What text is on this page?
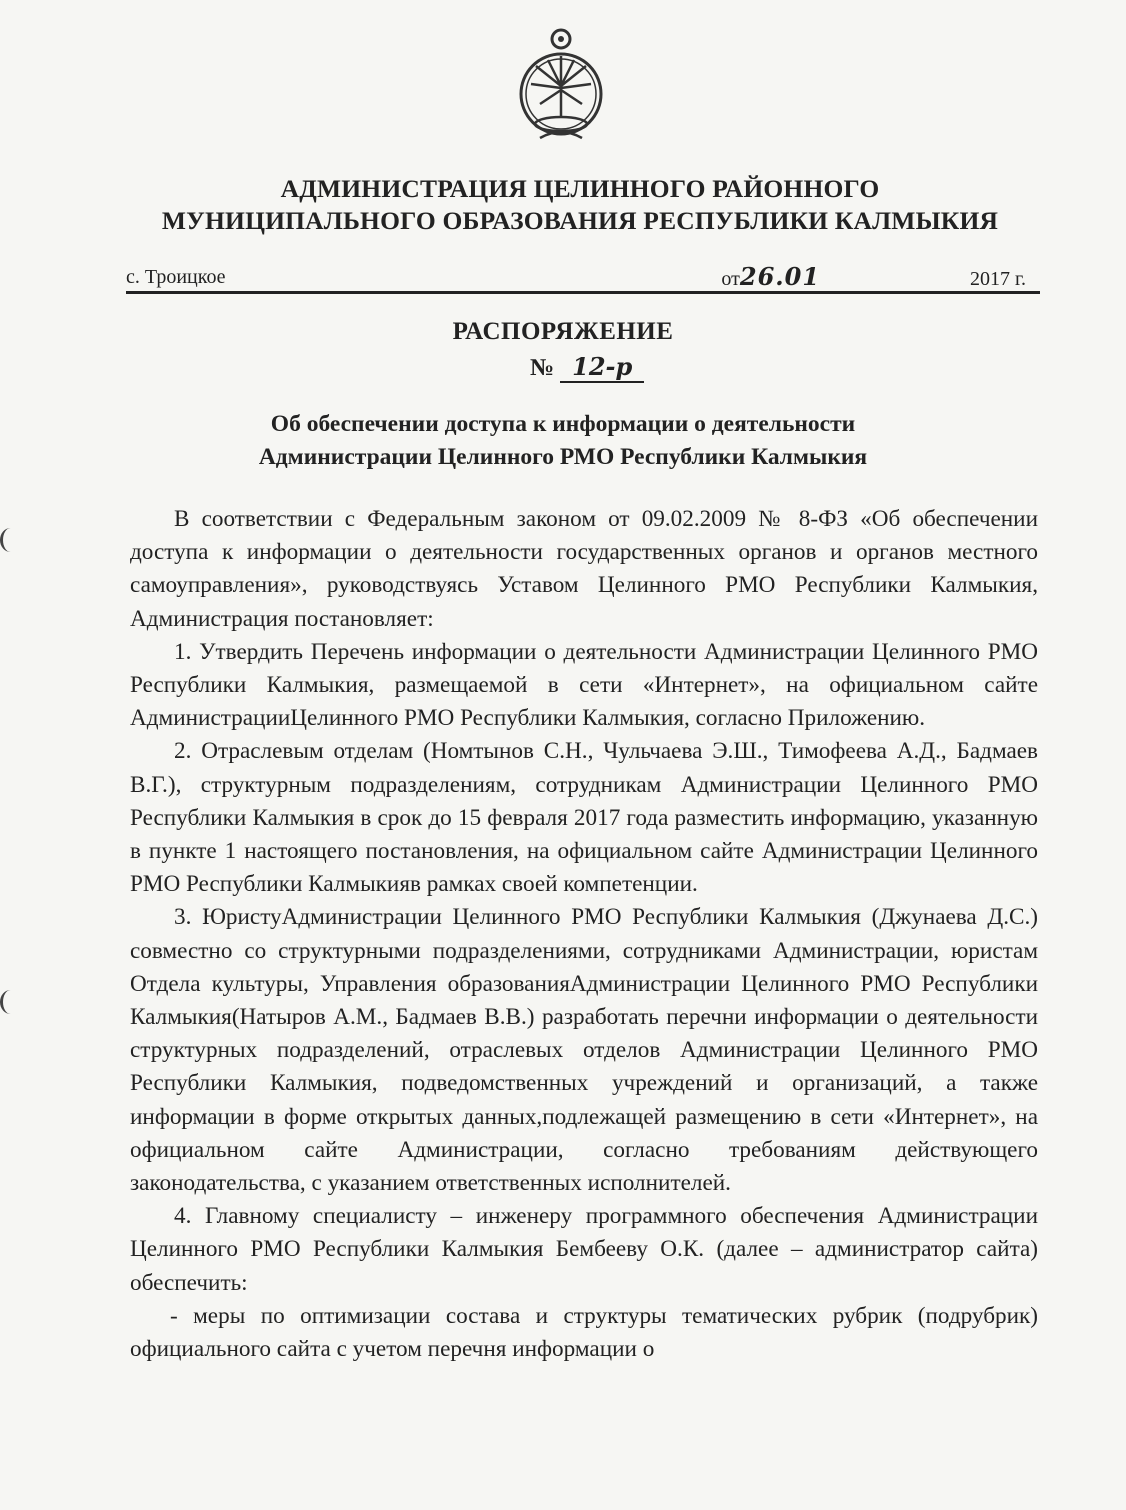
АДМИНИСТРАЦИЯ ЦЕЛИННОГО РАЙОННОГО
МУНИЦИПАЛЬНОГО ОБРАЗОВАНИЯ РЕСПУБЛИКИ КАЛМЫКИЯ
с. Троицкое	от26.01	2017 г.
РАСПОРЯЖЕНИЕ
№ 12-р
Об обеспечении доступа к информации о деятельности
Администрации Целинного РМО Республики Калмыкия

В соответствии с Федеральным законом от 09.02.2009 № 8-ФЗ «Об обеспечении доступа к информации о деятельности государственных органов и органов местного самоуправления», руководствуясь Уставом Целинного РМО Республики Калмыкия, Администрация постановляет:

1. Утвердить Перечень информации о деятельности Администрации Целинного РМО Республики Калмыкия, размещаемой в сети «Интернет», на официальном сайте АдминистрацииЦелинного РМО Республики Калмыкия, согласно Приложению.

2. Отраслевым отделам (Номтынов С.Н., Чульчаева Э.Ш., Тимофеева А.Д., Бадмаев В.Г.), структурным подразделениям, сотрудникам Администрации Целинного РМО Республики Калмыкия в срок до 15 февраля 2017 года разместить информацию, указанную в пункте 1 настоящего постановления, на официальном сайте Администрации Целинного РМО Республики Калмыкияв рамках своей компетенции.

3. ЮристуАдминистрации Целинного РМО Республики Калмыкия (Джунаева Д.С.) совместно со структурными подразделениями, сотрудниками Администрации, юристам Отдела культуры, Управления образованияАдминистрации Целинного РМО Республики Калмыкия(Натыров А.М., Бадмаев В.В.) разработать перечни информации о деятельности структурных подразделений, отраслевых отделов Администрации Целинного РМО Республики Калмыкия, подведомственных учреждений и организаций, а также информации в форме открытых данных,подлежащей размещению в сети «Интернет», на официальном сайте Администрации, согласно требованиям действующего законодательства, с указанием ответственных исполнителей.

4. Главному специалисту – инженеру программного обеспечения Администрации Целинного РМО Республики Калмыкия Бембееву О.К. (далее – администратор сайта) обеспечить:

- меры по оптимизации состава и структуры тематических рубрик (подрубрик) официального сайта с учетом перечня информации о
